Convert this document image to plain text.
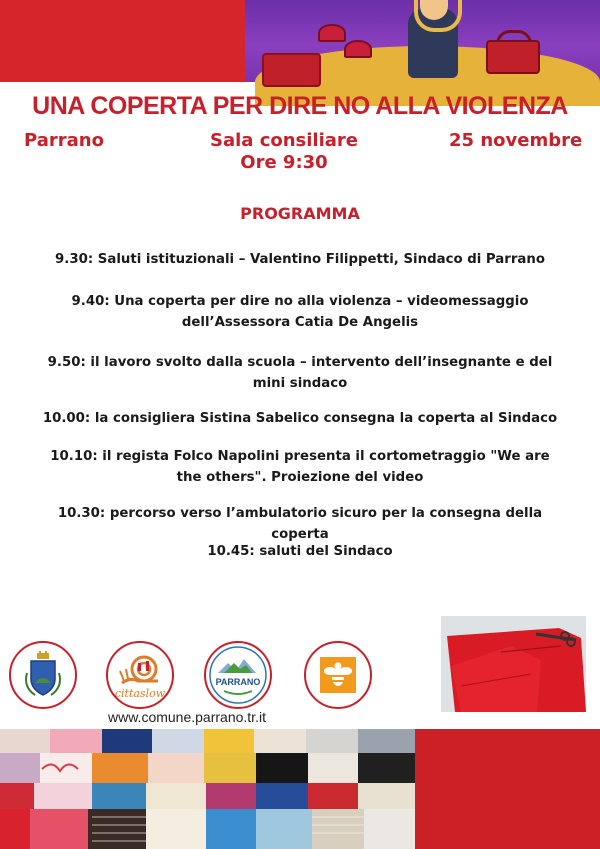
UNA COPERTA PER DIRE NO ALLA VIOLENZA
Parrano	Sala consiliare
Ore 9:30
25 novembre
PROGRAMMA
9.30: Saluti istituzionali – Valentino Filippetti, Sindaco di Parrano
9.40: Una coperta per dire no alla violenza – videomessaggio dell’Assessora Catia De Angelis
9.50: il lavoro svolto dalla scuola – intervento dell’insegnante e del mini sindaco
10.00: la consigliera Sistina Sabelico consegna la coperta al Sindaco
10.10: il regista Folco Napolini presenta il cortometraggio "We are the others". Proiezione del video
10.30: percorso verso l’ambulatorio sicuro per la consegna della coperta
10.45: saluti del Sindaco
cittaslow
PARRANO
www.comune.parrano.tr.it
